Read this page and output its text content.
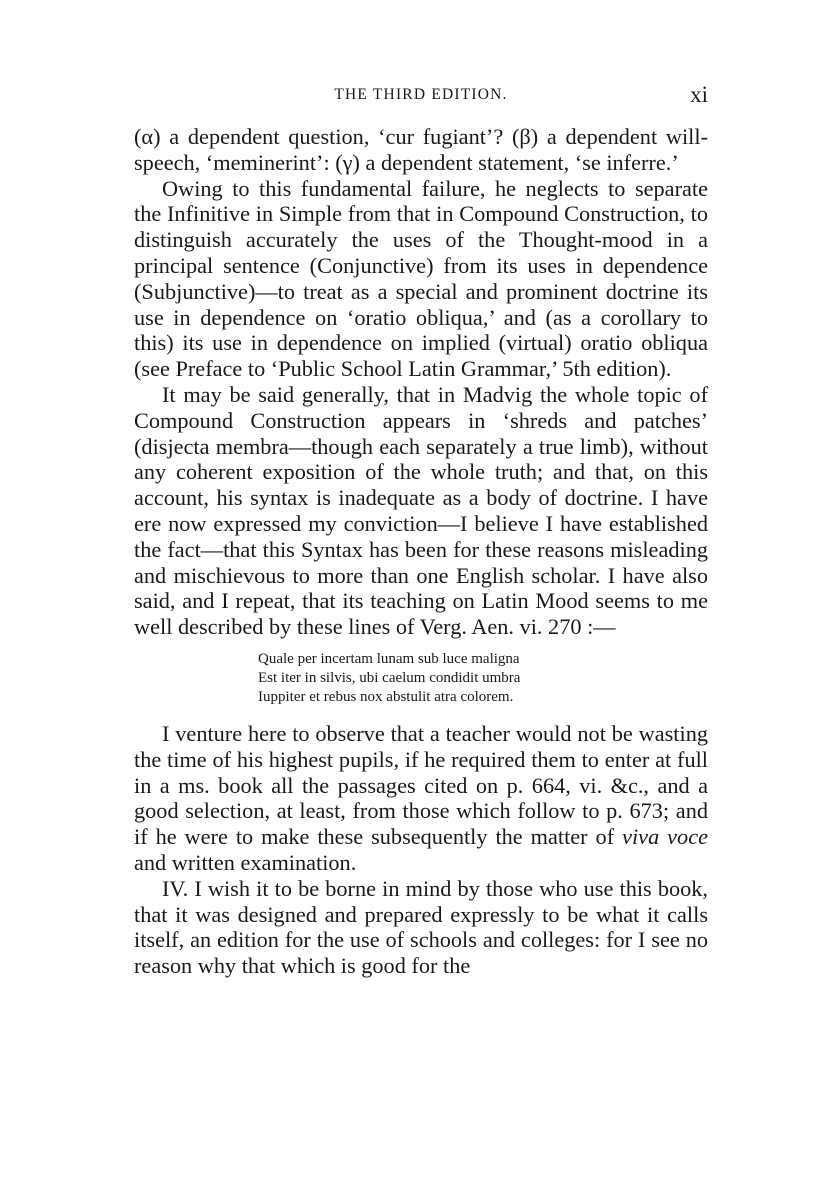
THE THIRD EDITION.	xi

(α) a dependent question, ‘cur fugiant’? (β) a dependent will-speech, ‘meminerint’: (γ) a dependent statement, ‘se inferre.’

Owing to this fundamental failure, he neglects to separate the Infinitive in Simple from that in Compound Construction, to distinguish accurately the uses of the Thought-mood in a principal sentence (Conjunctive) from its uses in dependence (Subjunctive)—to treat as a special and prominent doctrine its use in dependence on ‘oratio obliqua,’ and (as a corollary to this) its use in dependence on implied (virtual) oratio obliqua (see Preface to ‘Public School Latin Grammar,’ 5th edition).

It may be said generally, that in Madvig the whole topic of Compound Construction appears in ‘shreds and patches’ (disjecta membra—though each separately a true limb), without any coherent exposition of the whole truth; and that, on this account, his syntax is inadequate as a body of doctrine. I have ere now expressed my conviction—I believe I have established the fact—that this Syntax has been for these reasons misleading and mischievous to more than one English scholar. I have also said, and I repeat, that its teaching on Latin Mood seems to me well described by these lines of Verg. Aen. vi. 270 :—

Quale per incertam lunam sub luce maligna
Est iter in silvis, ubi caelum condidit umbra
Iuppiter et rebus nox abstulit atra colorem.

I venture here to observe that a teacher would not be wasting the time of his highest pupils, if he required them to enter at full in a ms. book all the passages cited on p. 664, vi. &c., and a good selection, at least, from those which follow to p. 673; and if he were to make these subsequently the matter of viva voce and written examination.

IV. I wish it to be borne in mind by those who use this book, that it was designed and prepared expressly to be what it calls itself, an edition for the use of schools and colleges: for I see no reason why that which is good for the
